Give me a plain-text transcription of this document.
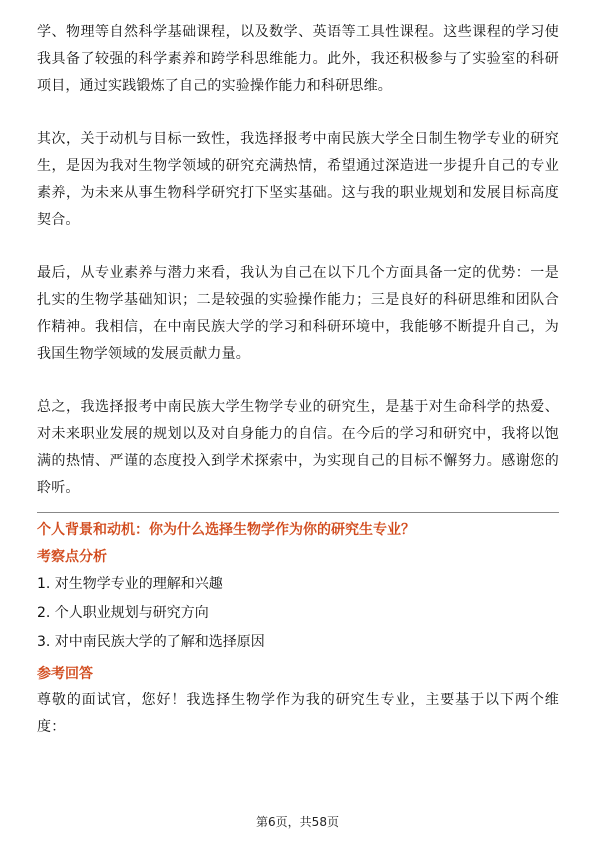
学、物理等自然科学基础课程，以及数学、英语等工具性课程。这些课程的学习使我具备了较强的科学素养和跨学科思维能力。此外，我还积极参与了实验室的科研项目，通过实践锻炼了自己的实验操作能力和科研思维。

其次，关于动机与目标一致性，我选择报考中南民族大学全日制生物学专业的研究生，是因为我对生物学领域的研究充满热情，希望通过深造进一步提升自己的专业素养，为未来从事生物科学研究打下坚实基础。这与我的职业规划和发展目标高度契合。

最后，从专业素养与潜力来看，我认为自己在以下几个方面具备一定的优势：一是扎实的生物学基础知识；二是较强的实验操作能力；三是良好的科研思维和团队合作精神。我相信，在中南民族大学的学习和科研环境中，我能够不断提升自己，为我国生物学领域的发展贡献力量。

总之，我选择报考中南民族大学生物学专业的研究生，是基于对生命科学的热爱、对未来职业发展的规划以及对自身能力的自信。在今后的学习和研究中，我将以饱满的热情、严谨的态度投入到学术探索中，为实现自己的目标不懈努力。感谢您的聆听。

个人背景和动机：你为什么选择生物学作为你的研究生专业？

考察点分析

1. 对生物学专业的理解和兴趣
2. 个人职业规划与研究方向
3. 对中南民族大学的了解和选择原因

参考回答

尊敬的面试官，您好！我选择生物学作为我的研究生专业，主要基于以下两个维度：

第6页，共58页
